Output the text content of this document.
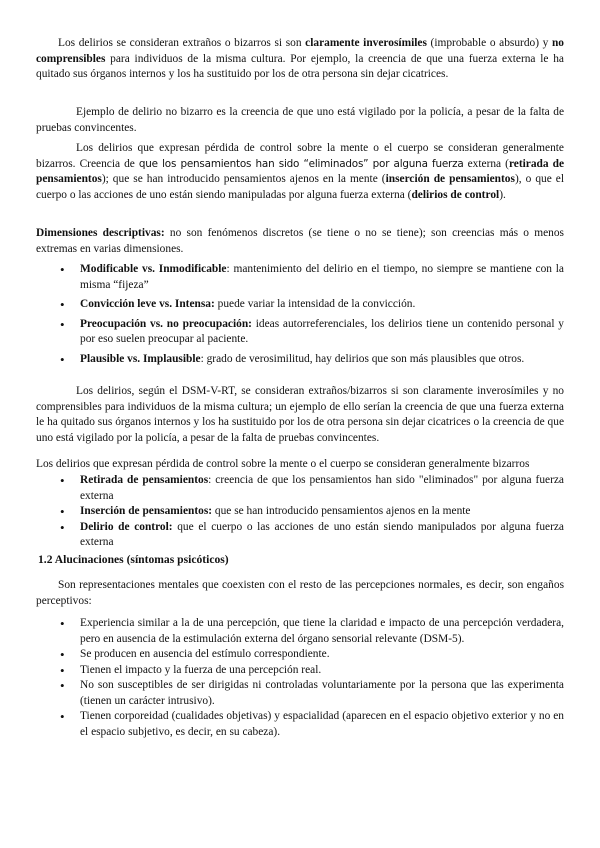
Los delirios se consideran extraños o bizarros si son claramente inverosímiles (improbable o absurdo) y no comprensibles para individuos de la misma cultura. Por ejemplo, la creencia de que una fuerza externa le ha quitado sus órganos internos y los ha sustituido por los de otra persona sin dejar cicatrices.

Ejemplo de delirio no bizarro es la creencia de que uno está vigilado por la policía, a pesar de la falta de pruebas convincentes.

Los delirios que expresan pérdida de control sobre la mente o el cuerpo se consideran generalmente bizarros. Creencia de que los pensamientos han sido “eliminados” por alguna fuerza externa (retirada de pensamientos); que se han introducido pensamientos ajenos en la mente (inserción de pensamientos), o que el cuerpo o las acciones de uno están siendo manipuladas por alguna fuerza externa (delirios de control).

Dimensiones descriptivas: no son fenómenos discretos (se tiene o no se tiene); son creencias más o menos extremas en varias dimensiones.

• Modificable vs. Inmodificable: mantenimiento del delirio en el tiempo, no siempre se mantiene con la misma “fijeza”
• Convicción leve vs. Intensa: puede variar la intensidad de la convicción.
• Preocupación vs. no preocupación: ideas autorreferenciales, los delirios tiene un contenido personal y por eso suelen preocupar al paciente.
• Plausible vs. Implausible: grado de verosimilitud, hay delirios que son más plausibles que otros.

Los delirios, según el DSM-V-RT, se consideran extraños/bizarros si son claramente inverosímiles y no comprensibles para individuos de la misma cultura; un ejemplo de ello serían la creencia de que una fuerza externa le ha quitado sus órganos internos y los ha sustituido por los de otra persona sin dejar cicatrices o la creencia de que uno está vigilado por la policía, a pesar de la falta de pruebas convincentes.

Los delirios que expresan pérdida de control sobre la mente o el cuerpo se consideran generalmente bizarros

• Retirada de pensamientos: creencia de que los pensamientos han sido "eliminados" por alguna fuerza externa
• Inserción de pensamientos: que se han introducido pensamientos ajenos en la mente
• Delirio de control: que el cuerpo o las acciones de uno están siendo manipulados por alguna fuerza externa
1.2 Alucinaciones (síntomas psicóticos)

Son representaciones mentales que coexisten con el resto de las percepciones normales, es decir, son engaños perceptivos:

• Experiencia similar a la de una percepción, que tiene la claridad e impacto de una percepción verdadera, pero en ausencia de la estimulación externa del órgano sensorial relevante (DSM-5).
• Se producen en ausencia del estímulo correspondiente.
• Tienen el impacto y la fuerza de una percepción real.
• No son susceptibles de ser dirigidas ni controladas voluntariamente por la persona que las experimenta (tienen un carácter intrusivo).
• Tienen corporeidad (cualidades objetivas) y espacialidad (aparecen en el espacio objetivo exterior y no en el espacio subjetivo, es decir, en su cabeza).
